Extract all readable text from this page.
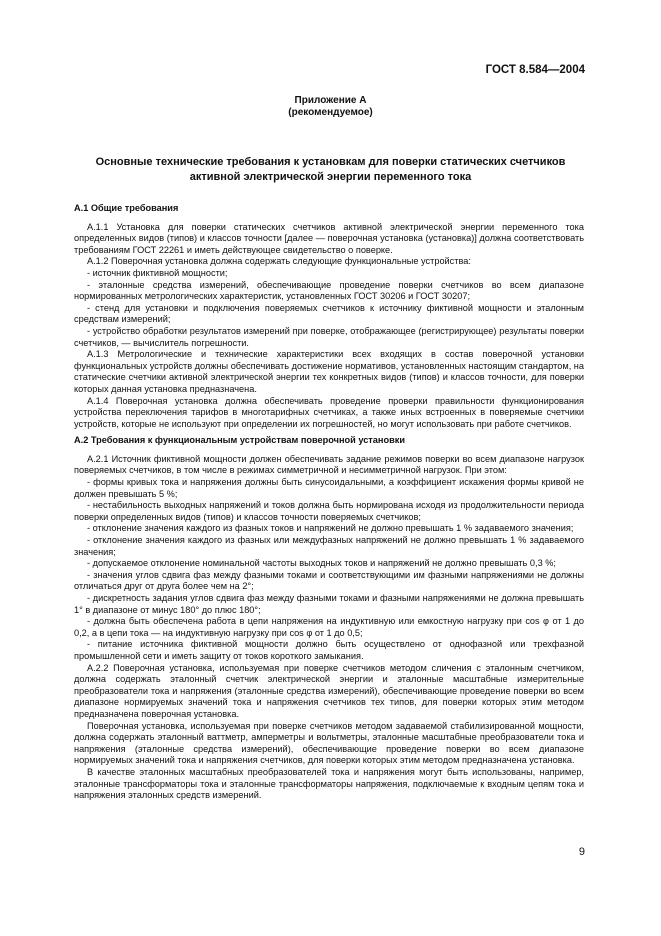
ГОСТ 8.584—2004
Приложение А
(рекомендуемое)
Основные технические требования к установкам для поверки статических счетчиков
активной электрической энергии переменного тока
А.1 Общие требования

А.1.1 Установка для поверки статических счетчиков активной электрической энергии переменного тока определенных видов (типов) и классов точности [далее — поверочная установка (установка)] должна соответствовать требованиям ГОСТ 22261 и иметь действующее свидетельство о поверке.

А.1.2 Поверочная установка должна содержать следующие функциональные устройства:

- источник фиктивной мощности;

- эталонные средства измерений, обеспечивающие проведение поверки счетчиков во всем диапазоне нормированных метрологических характеристик, установленных ГОСТ 30206 и ГОСТ 30207;

- стенд для установки и подключения поверяемых счетчиков к источнику фиктивной мощности и эталонным средствам измерений;

- устройство обработки результатов измерений при поверке, отображающее (регистрирующее) результаты поверки счетчиков, — вычислитель погрешности.

А.1.3 Метрологические и технические характеристики всех входящих в состав поверочной установки функциональных устройств должны обеспечивать достижение нормативов, установленных настоящим стандартом, на статические счетчики активной электрической энергии тех конкретных видов (типов) и классов точности, для поверки которых данная установка предназначена.

А.1.4 Поверочная установка должна обеспечивать проведение проверки правильности функционирования устройства переключения тарифов в многотарифных счетчиках, а также иных встроенных в поверяемые счетчики устройств, которые не используют при определении их погрешностей, но могут использовать при работе счетчиков.

А.2 Требования к функциональным устройствам поверочной установки

А.2.1 Источник фиктивной мощности должен обеспечивать задание режимов поверки во всем диапазоне нагрузок поверяемых счетчиков, в том числе в режимах симметричной и несимметричной нагрузок. При этом:

- формы кривых тока и напряжения должны быть синусоидальными, а коэффициент искажения формы кривой не должен превышать 5 %;

- нестабильность выходных напряжений и токов должна быть нормирована исходя из продолжительности периода поверки определенных видов (типов) и классов точности поверяемых счетчиков;

- отклонение значения каждого из фазных токов и напряжений не должно превышать 1 % задаваемого значения;

- отклонение значения каждого из фазных или междуфазных напряжений не должно превышать 1 % задаваемого значения;

- допускаемое отклонение номинальной частоты выходных токов и напряжений не должно превышать 0,3 %;

- значения углов сдвига фаз между фазными токами и соответствующими им фазными напряжениями не должны отличаться друг от друга более чем на 2°;

- дискретность задания углов сдвига фаз между фазными токами и фазными напряжениями не должна превышать 1° в диапазоне от минус 180° до плюс 180°;

- должна быть обеспечена работа в цепи напряжения на индуктивную или емкостную нагрузку при cos φ от 1 до 0,2, а в цепи тока — на индуктивную нагрузку при cos φ от 1 до 0,5;

- питание источника фиктивной мощности должно быть осуществлено от однофазной или трехфазной промышленной сети и иметь защиту от токов короткого замыкания.

А.2.2 Поверочная установка, используемая при поверке счетчиков методом сличения с эталонным счетчиком, должна содержать эталонный счетчик электрической энергии и эталонные масштабные измерительные преобразователи тока и напряжения (эталонные средства измерений), обеспечивающие проведение поверки во всем диапазоне нормируемых значений тока и напряжения счетчиков тех типов, для поверки которых этим методом предназначена поверочная установка.

Поверочная установка, используемая при поверке счетчиков методом задаваемой стабилизированной мощности, должна содержать эталонный ваттметр, амперметры и вольтметры, эталонные масштабные преобразователи тока и напряжения (эталонные средства измерений), обеспечивающие проведение поверки во всем диапазоне нормируемых значений тока и напряжения счетчиков, для поверки которых этим методом предназначена установка.

В качестве эталонных масштабных преобразователей тока и напряжения могут быть использованы, например, эталонные трансформаторы тока и эталонные трансформаторы напряжения, подключаемые к входным цепям тока и напряжения эталонных средств измерений.

9
